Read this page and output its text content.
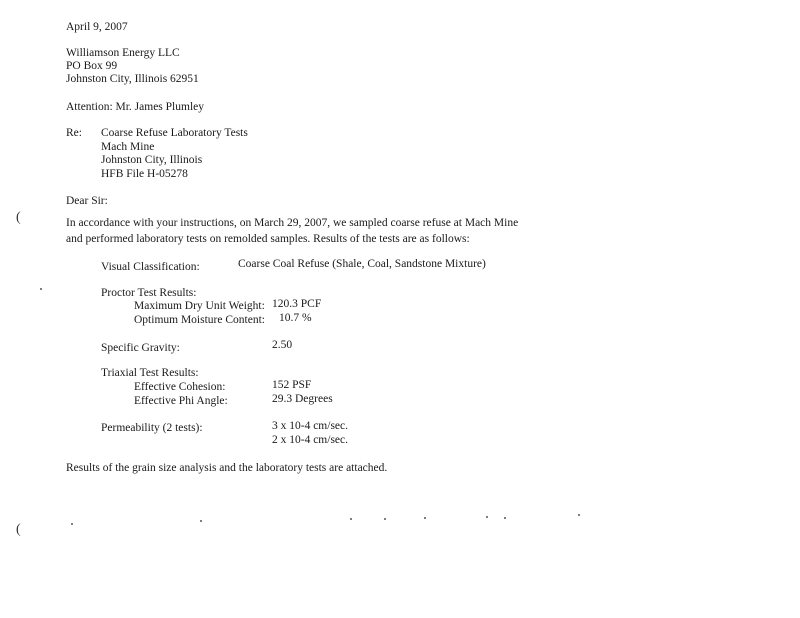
April 9, 2007
Williamson Energy LLC
PO Box 99
Johnston City, Illinois 62951
Attention: Mr. James Plumley
Re: Coarse Refuse Laboratory Tests
Mach Mine
Johnston City, Illinois
HFB File H-05278
Dear Sir:
In accordance with your instructions, on March 29, 2007, we sampled coarse refuse at Mach Mine
and performed laboratory tests on remolded samples. Results of the tests are as follows:
Visual Classification:	Coarse Coal Refuse (Shale, Coal, Sandstone Mixture)
Proctor Test Results:
Maximum Dry Unit Weight: 120.3 PCF
Optimum Moisture Content: 10.7 %
Specific Gravity:	2.50
Triaxial Test Results:
Effective Cohesion:	152 PSF
Effective Phi Angle:	29.3 Degrees
Permeability (2 tests):	3 x 10-4 cm/sec.
2 x 10-4 cm/sec.
Results of the grain size analysis and the laboratory tests are attached.
(
(
